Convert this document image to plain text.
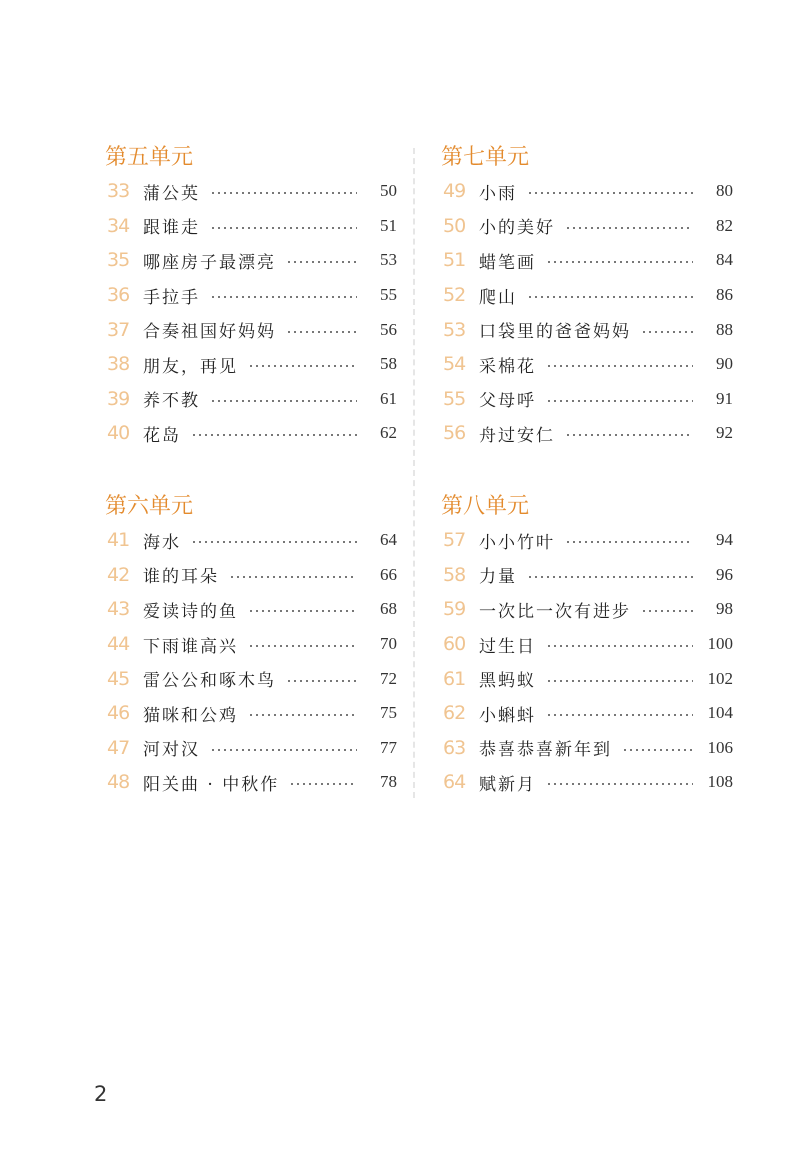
第五单元
33 蒲公英	50
34 跟谁走	51
35 哪座房子最漂亮	53
36 手拉手	55
37 合奏祖国好妈妈	56
38 朋友，再见	58
39 养不教	61
40 花岛	62
第六单元
41 海水	64
42 谁的耳朵	66
43 爱读诗的鱼	68
44 下雨谁高兴	70
45 雷公公和啄木鸟	72
46 猫咪和公鸡	75
47 河对汉	77
48 阳关曲 · 中秋作	78
第七单元
49 小雨	80
50 小的美好	82
51 蜡笔画	84
52 爬山	86
53 口袋里的爸爸妈妈	88
54 采棉花	90
55 父母呼	91
56 舟过安仁	92
第八单元
57 小小竹叶	94
58 力量	96
59 一次比一次有进步	98
60 过生日	100
61 黑蚂蚁	102
62 小蝌蚪	104
63 恭喜恭喜新年到	106
64 赋新月	108
2
